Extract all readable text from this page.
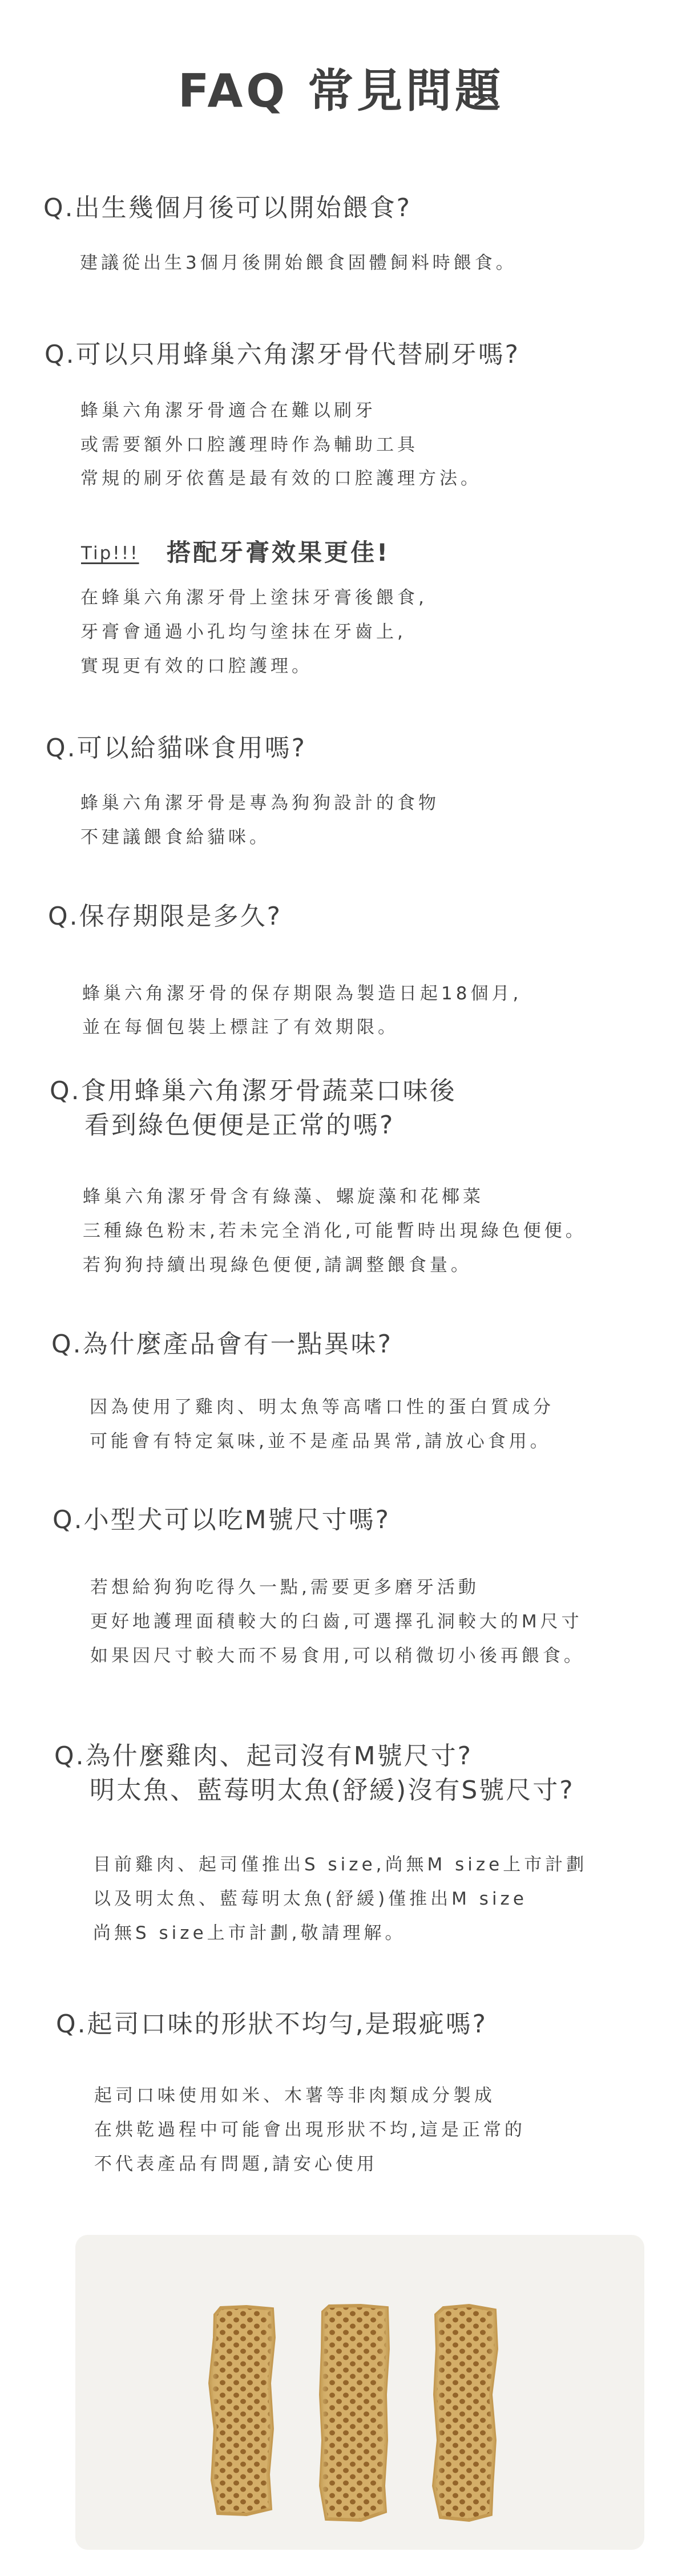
FAQ 常見問題
Q.出生幾個月後可以開始餵食?
建議從出生3個月後開始餵食固體飼料時餵食。
Q.可以只用蜂巢六角潔牙骨代替刷牙嗎?
蜂巢六角潔牙骨適合在難以刷牙
或需要額外口腔護理時作為輔助工具
常規的刷牙依舊是最有效的口腔護理方法。
Tip!!! 搭配牙膏效果更佳!
在蜂巢六角潔牙骨上塗抹牙膏後餵食,
牙膏會通過小孔均勻塗抹在牙齒上,
實現更有效的口腔護理。
Q.可以給貓咪食用嗎?
蜂巢六角潔牙骨是專為狗狗設計的食物
不建議餵食給貓咪。
Q.保存期限是多久?
蜂巢六角潔牙骨的保存期限為製造日起18個月,
並在每個包裝上標註了有效期限。
Q.食用蜂巢六角潔牙骨蔬菜口味後
看到綠色便便是正常的嗎?
蜂巢六角潔牙骨含有綠藻、螺旋藻和花椰菜
三種綠色粉末,若未完全消化,可能暫時出現綠色便便。
若狗狗持續出現綠色便便,請調整餵食量。
Q.為什麼產品會有一點異味?
因為使用了雞肉、明太魚等高嗜口性的蛋白質成分
可能會有特定氣味,並不是產品異常,請放心食用。
Q.小型犬可以吃M號尺寸嗎?
若想給狗狗吃得久一點,需要更多磨牙活動
更好地護理面積較大的臼齒,可選擇孔洞較大的M尺寸
如果因尺寸較大而不易食用,可以稍微切小後再餵食。
Q.為什麼雞肉、起司沒有M號尺寸?
明太魚、藍莓明太魚(舒緩)沒有S號尺寸?
目前雞肉、起司僅推出S size,尚無M size上市計劃
以及明太魚、藍莓明太魚(舒緩)僅推出M size
尚無S size上市計劃,敬請理解。
Q.起司口味的形狀不均勻,是瑕疵嗎?
起司口味使用如米、木薯等非肉類成分製成
在烘乾過程中可能會出現形狀不均,這是正常的
不代表產品有問題,請安心使用
